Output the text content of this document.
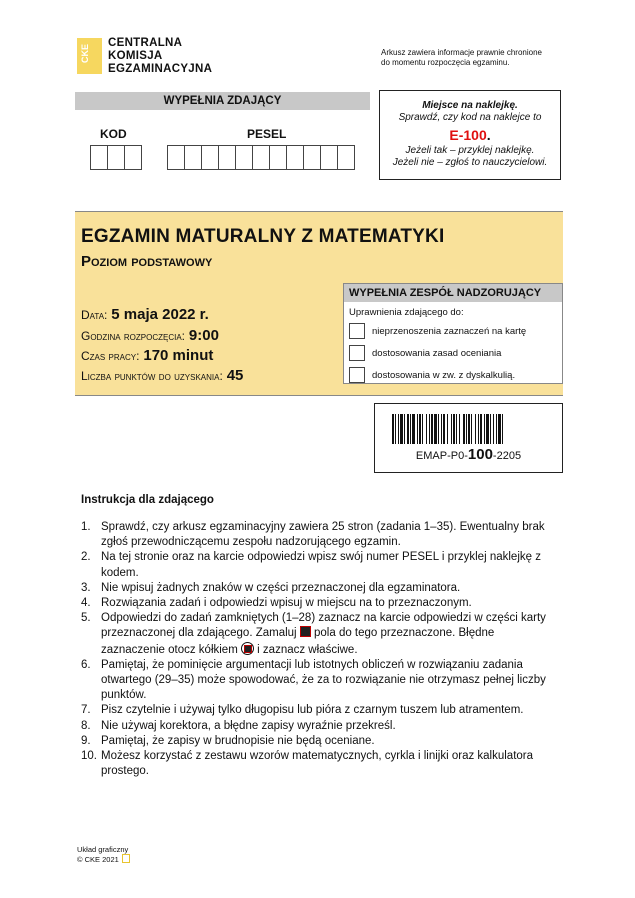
CKE
CENTRALNA
KOMISJA
EGZAMINACYJNA
Arkusz zawiera informacje prawnie chronione
do momentu rozpoczęcia egzaminu.
WYPEŁNIA ZDAJĄCY
KOD	PESEL
Miejsce na naklejkę.
Sprawdź, czy kod na naklejce to
E-100.
Jeżeli tak – przyklej naklejkę.
Jeżeli nie – zgłoś to nauczycielowi.
EGZAMIN MATURALNY Z MATEMATYKI
Poziom podstawowy
Data: 5 maja 2022 r.
Godzina rozpoczęcia: 9:00
Czas pracy: 170 minut
Liczba punktów do uzyskania: 45
WYPEŁNIA ZESPÓŁ NADZORUJĄCY
Uprawnienia zdającego do:
nieprzenoszenia zaznaczeń na kartę
dostosowania zasad oceniania
dostosowania w zw. z dyskalkulią.
EMAP-P0-100-2205
Instrukcja dla zdającego
1. Sprawdź, czy arkusz egzaminacyjny zawiera 25 stron (zadania 1–35). Ewentualny brak zgłoś przewodniczącemu zespołu nadzorującego egzamin.
2. Na tej stronie oraz na karcie odpowiedzi wpisz swój numer PESEL i przyklej naklejkę z kodem.
3. Nie wpisuj żadnych znaków w części przeznaczonej dla egzaminatora.
4. Rozwiązania zadań i odpowiedzi wpisuj w miejscu na to przeznaczonym.
5. Odpowiedzi do zadań zamkniętych (1–28) zaznacz na karcie odpowiedzi w części karty przeznaczonej dla zdającego. Zamaluj  pola do tego przeznaczone. Błędne zaznaczenie otocz kółkiem  i zaznacz właściwe.
6. Pamiętaj, że pominięcie argumentacji lub istotnych obliczeń w rozwiązaniu zadania otwartego (29–35) może spowodować, że za to rozwiązanie nie otrzymasz pełnej liczby punktów.
7. Pisz czytelnie i używaj tylko długopisu lub pióra z czarnym tuszem lub atramentem.
8. Nie używaj korektora, a błędne zapisy wyraźnie przekreśl.
9. Pamiętaj, że zapisy w brudnopisie nie będą oceniane.
10. Możesz korzystać z zestawu wzorów matematycznych, cyrkla i linijki oraz kalkulatora prostego.
Układ graficzny
© CKE 2021
